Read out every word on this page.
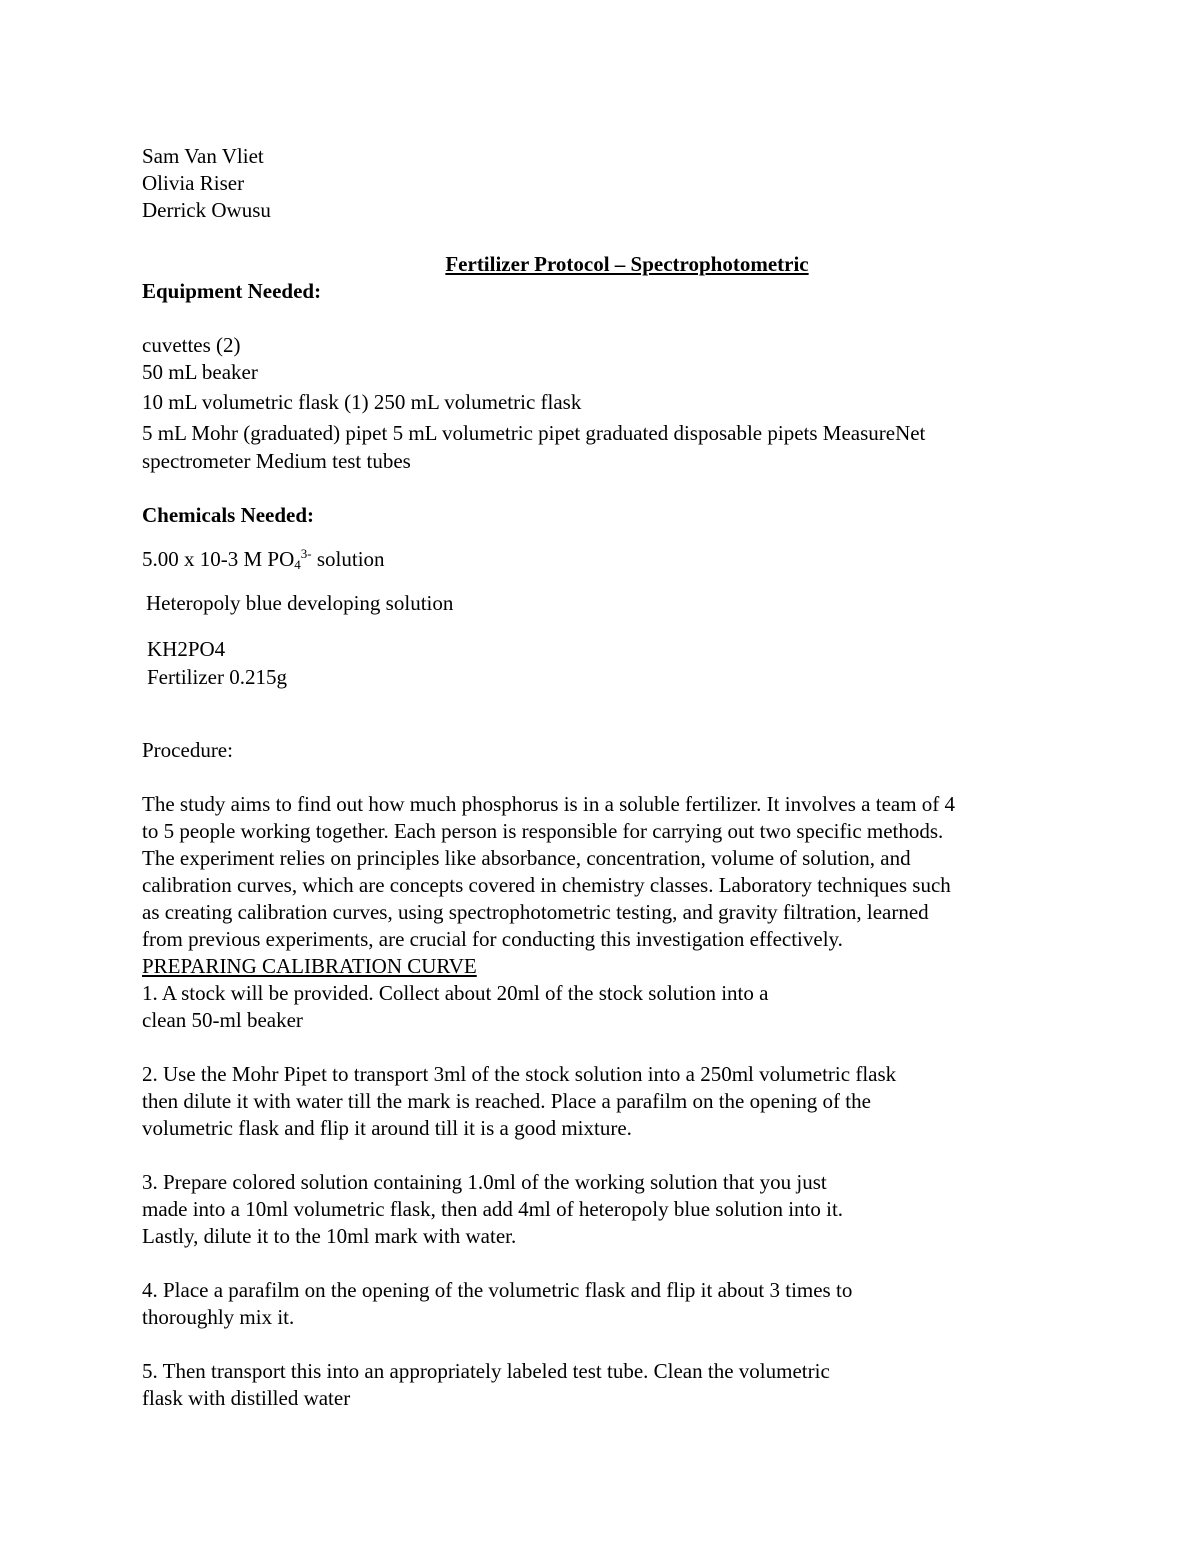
Sam Van Vliet
Olivia Riser
Derrick Owusu
Fertilizer Protocol – Spectrophotometric
Equipment Needed:
cuvettes (2)
50 mL beaker
10 mL volumetric flask (1) 250 mL volumetric flask
5 mL Mohr (graduated) pipet 5 mL volumetric pipet graduated disposable pipets MeasureNet
spectrometer Medium test tubes
Chemicals Needed:
5.00 x 10-3 M $PO_4^{3-}$ solution
Heteropoly blue developing solution
KH2PO4
Fertilizer 0.215g
Procedure:
The study aims to find out how much phosphorus is in a soluble fertilizer. It involves a team of 4
to 5 people working together. Each person is responsible for carrying out two specific methods.
The experiment relies on principles like absorbance, concentration, volume of solution, and
calibration curves, which are concepts covered in chemistry classes. Laboratory techniques such
as creating calibration curves, using spectrophotometric testing, and gravity filtration, learned
from previous experiments, are crucial for conducting this investigation effectively.
PREPARING CALIBRATION CURVE
1. A stock will be provided. Collect about 20ml of the stock solution into a
clean 50-ml beaker
2. Use the Mohr Pipet to transport 3ml of the stock solution into a 250ml volumetric flask
then dilute it with water till the mark is reached. Place a parafilm on the opening of the
volumetric flask and flip it around till it is a good mixture.
3. Prepare colored solution containing 1.0ml of the working solution that you just
made into a 10ml volumetric flask, then add 4ml of heteropoly blue solution into it.
Lastly, dilute it to the 10ml mark with water.
4. Place a parafilm on the opening of the volumetric flask and flip it about 3 times to
thoroughly mix it.
5. Then transport this into an appropriately labeled test tube. Clean the volumetric
flask with distilled water
